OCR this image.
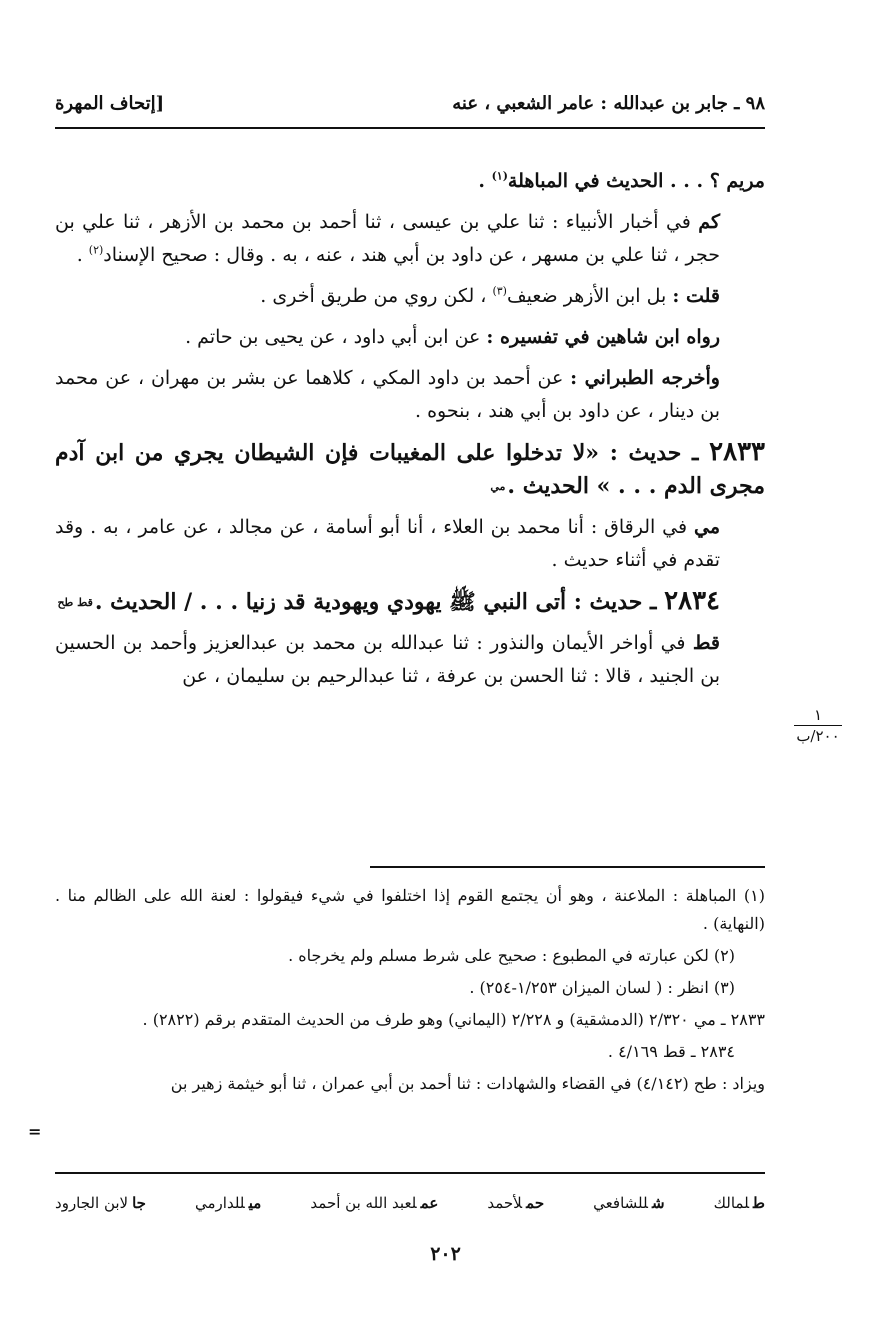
٩٨ ـ جابر بن عبدالله : عامر الشعبي ، عنه
[إتحاف المهرة

مريم ؟ . . . الحديث في المباهلة$^{(١)}$ .

كم في أخبار الأنبياء : ثنا علي بن عيسى ، ثنا أحمد بن محمد بن الأزهر ، ثنا علي بن حجر ، ثنا علي بن مسهر ، عن داود بن أبي هند ، عنه ، به . وقال : صحيح الإسناد$^{(٢)}$ .

قلت : بل ابن الأزهر ضعيف$^{(٣)}$ ، لكن روي من طريق أخرى .

رواه ابن شاهين في تفسيره : عن ابن أبي داود ، عن يحيى بن حاتم .

وأخرجه الطبراني : عن أحمد بن داود المكي ، كلاهما عن بشر بن مهران ، عن محمد بن دينار ، عن داود بن أبي هند ، بنحوه .

٢٨٣٣ ـ حديث : «لا تدخلوا على المغيبات فإن الشيطان يجري من ابن آدم مجرى الدم . . . » الحديث .مي

مي في الرقاق : أنا محمد بن العلاء ، أنا أبو أسامة ، عن مجالد ، عن عامر ، به . وقد تقدم في أثناء حديث .

٢٨٣٤ ـ حديث : أتى النبي ﷺ يهودي ويهودية قد زنيا . . . / الحديث .قط طح

قط في أواخر الأيمان والنذور : ثنا عبدالله بن محمد بن عبدالعزيز وأحمد بن الحسين بن الجنيد ، قالا : ثنا الحسن بن عرفة ، ثنا عبدالرحيم بن سليمان ، عن

١
٢٠٠/ب

(١) المباهلة : الملاعنة ، وهو أن يجتمع القوم إذا اختلفوا في شيء فيقولوا : لعنة الله على الظالم منا . (النهاية) .

(٢) لكن عبارته في المطبوع : صحيح على شرط مسلم ولم يخرجاه .

(٣) انظر : ( لسان الميزان ١/٢٥٣-٢٥٤) .

٢٨٣٣ ـ مي ٢/٣٢٠ (الدمشقية) و ٢/٢٢٨ (اليماني) وهو طرف من الحديث المتقدم برقم (٢٨٢٢) .

٢٨٣٤ ـ قط ٤/١٦٩ .

ويزاد : طح (٤/١٤٢) في القضاء والشهادات : ثنا أحمد بن أبي عمران ، ثنا أبو خيثمة زهير بن

=
طلمالك
شللشافعي
حملأحمد
عملعبد الله بن أحمد
ميللدارمي
جالابن الجارود
٢٠٢
